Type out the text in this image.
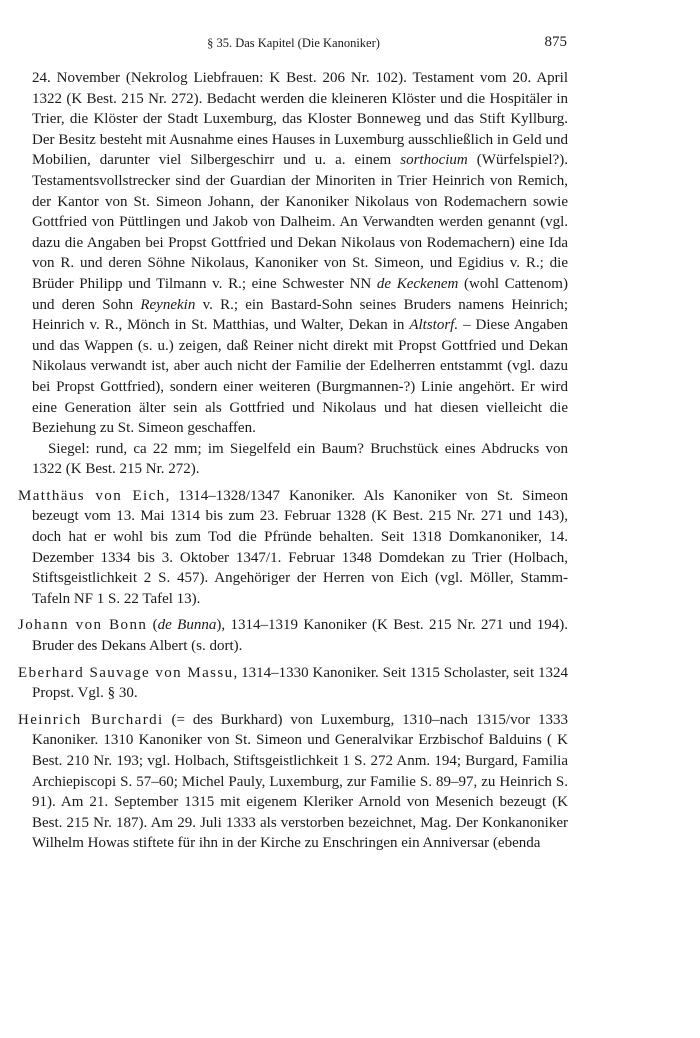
§ 35. Das Kapitel (Die Kanoniker)	875

24. November (Nekrolog Liebfrauen: K Best. 206 Nr. 102). Testament vom 20. April 1322 (K Best. 215 Nr. 272). Bedacht werden die kleineren Klöster und die Hospitäler in Trier, die Klöster der Stadt Luxemburg, das Kloster Bonneweg und das Stift Kyllburg. Der Besitz besteht mit Ausnahme eines Hauses in Luxemburg ausschließlich in Geld und Mobilien, darunter viel Silbergeschirr und u. a. einem sorthocium (Würfelspiel?). Testamentsvollstrecker sind der Guardian der Minoriten in Trier Heinrich von Remich, der Kantor von St. Simeon Johann, der Kanoniker Nikolaus von Rodemachern sowie Gottfried von Püttlingen und Jakob von Dalheim. An Verwandten werden genannt (vgl. dazu die Angaben bei Propst Gottfried und Dekan Nikolaus von Rodemachern) eine Ida von R. und deren Söhne Nikolaus, Kanoniker von St. Simeon, und Egidius v. R.; die Brüder Philipp und Tilmann v. R.; eine Schwester NN de Keckenem (wohl Cattenom) und deren Sohn Reynekin v. R.; ein Bastard-Sohn seines Bruders namens Heinrich; Heinrich v. R., Mönch in St. Matthias, und Walter, Dekan in Altstorf. – Diese Angaben und das Wappen (s. u.) zeigen, daß Reiner nicht direkt mit Propst Gottfried und Dekan Nikolaus verwandt ist, aber auch nicht der Familie der Edelherren entstammt (vgl. dazu bei Propst Gottfried), sondern einer weiteren (Burgmannen-?) Linie angehört. Er wird eine Generation älter sein als Gottfried und Nikolaus und hat diesen vielleicht die Beziehung zu St. Simeon geschaffen.

Siegel: rund, ca 22 mm; im Siegelfeld ein Baum? Bruchstück eines Abdrucks von 1322 (K Best. 215 Nr. 272).

Matthäus von Eich, 1314–1328/1347 Kanoniker. Als Kanoniker von St. Simeon bezeugt vom 13. Mai 1314 bis zum 23. Februar 1328 (K Best. 215 Nr. 271 und 143), doch hat er wohl bis zum Tod die Pfründe behalten. Seit 1318 Domkanoniker, 14. Dezember 1334 bis 3. Oktober 1347/1. Februar 1348 Domdekan zu Trier (Holbach, Stiftsgeistlichkeit 2 S. 457). Angehöriger der Herren von Eich (vgl. Möller, Stamm-Tafeln NF 1 S. 22 Tafel 13).

Johann von Bonn (de Bunna), 1314–1319 Kanoniker (K Best. 215 Nr. 271 und 194). Bruder des Dekans Albert (s. dort).

Eberhard Sauvage von Massu, 1314–1330 Kanoniker. Seit 1315 Scholaster, seit 1324 Propst. Vgl. § 30.

Heinrich Burchardi (= des Burkhard) von Luxemburg, 1310–nach 1315/vor 1333 Kanoniker. 1310 Kanoniker von St. Simeon und Generalvikar Erzbischof Balduins ( K Best. 210 Nr. 193; vgl. Holbach, Stiftsgeistlichkeit 1 S. 272 Anm. 194; Burgard, Familia Archiepiscopi S. 57–60; Michel Pauly, Luxemburg, zur Familie S. 89–97, zu Heinrich S. 91). Am 21. September 1315 mit eigenem Kleriker Arnold von Mesenich bezeugt (K Best. 215 Nr. 187). Am 29. Juli 1333 als verstorben bezeichnet, Mag. Der Konkanoniker Wilhelm Howas stiftete für ihn in der Kirche zu Enschringen ein Anniversar (ebenda
